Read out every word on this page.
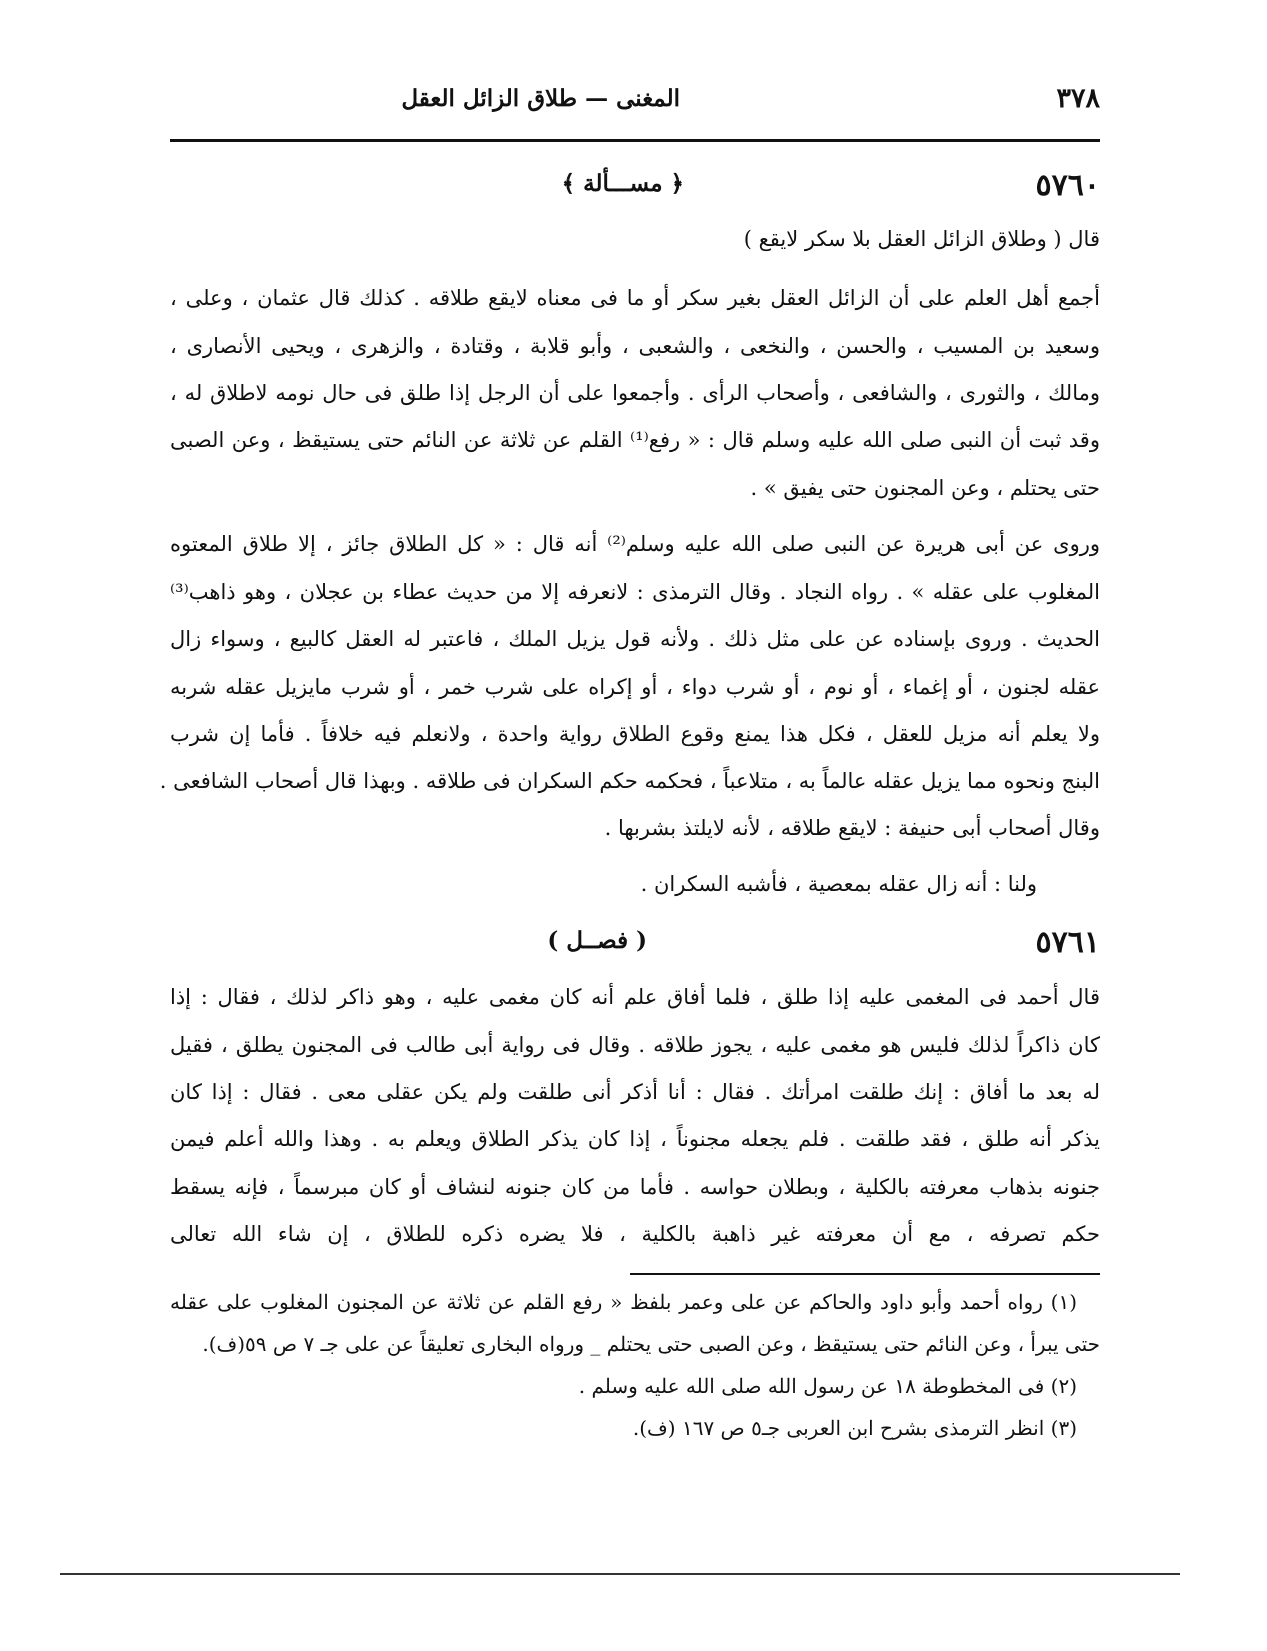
المغنى — طلاق الزائل العقل	٣٧٨
٥٧٦٠
﴿ مســـألة ﴾
قال ( وطلاق الزائل العقل بلا سكر لايقع )
أجمع أهل العلم على أن الزائل العقل بغير سكر أو ما فى معناه لايقع طلاقه . كذلك قال عثمان ، وعلى ،
وسعيد بن المسيب ، والحسن ، والنخعى ، والشعبى ، وأبو قلابة ، وقتادة ، والزهرى ، ويحيى الأنصارى ،
ومالك ، والثورى ، والشافعى ، وأصحاب الرأى . وأجمعوا على أن الرجل إذا طلق فى حال نومه لاطلاق له ،
وقد ثبت أن النبى صلى الله عليه وسلم قال : « رفع⁽¹⁾ القلم عن ثلاثة عن النائم حتى يستيقظ ، وعن الصبى
حتى يحتلم ، وعن المجنون حتى يفيق » .
وروى عن أبى هريرة عن النبى صلى الله عليه وسلم⁽²⁾ أنه قال : « كل الطلاق جائز ، إلا طلاق المعتوه
المغلوب على عقله » . رواه النجاد . وقال الترمذى : لانعرفه إلا من حديث عطاء بن عجلان ، وهو ذاهب⁽³⁾
الحديث . وروى بإسناده عن على مثل ذلك . ولأنه قول يزيل الملك ، فاعتبر له العقل كالبيع ، وسواء زال
عقله لجنون ، أو إغماء ، أو نوم ، أو شرب دواء ، أو إكراه على شرب خمر ، أو شرب مايزيل عقله شربه
ولا يعلم أنه مزيل للعقل ، فكل هذا يمنع وقوع الطلاق رواية واحدة ، ولانعلم فيه خلافاً . فأما إن شرب
البنج ونحوه مما يزيل عقله عالماً به ، متلاعباً ، فحكمه حكم السكران فى طلاقه . وبهذا قال أصحاب الشافعى .
وقال أصحاب أبى حنيفة : لايقع طلاقه ، لأنه لايلتذ بشربها .
ولنا : أنه زال عقله بمعصية ، فأشبه السكران .
٥٧٦١
( فصــل )
قال أحمد فى المغمى عليه إذا طلق ، فلما أفاق علم أنه كان مغمى عليه ، وهو ذاكر لذلك ، فقال : إذا
كان ذاكراً لذلك فليس هو مغمى عليه ، يجوز طلاقه . وقال فى رواية أبى طالب فى المجنون يطلق ، فقيل
له بعد ما أفاق : إنك طلقت امرأتك . فقال : أنا أذكر أنى طلقت ولم يكن عقلى معى . فقال : إذا كان
يذكر أنه طلق ، فقد طلقت . فلم يجعله مجنوناً ، إذا كان يذكر الطلاق ويعلم به . وهذا والله أعلم فيمن
جنونه بذهاب معرفته بالكلية ، وبطلان حواسه . فأما من كان جنونه لنشاف أو كان مبرسماً ، فإنه يسقط
حكم تصرفه ، مع أن معرفته غير ذاهبة بالكلية ، فلا يضره ذكره للطلاق ، إن شاء الله تعالى
(١) رواه أحمد وأبو داود والحاكم عن على وعمر بلفظ « رفع القلم عن ثلاثة عن المجنون المغلوب على عقله
حتى يبرأ ، وعن النائم حتى يستيقظ ، وعن الصبى حتى يحتلم _ ورواه البخارى تعليقاً عن على جـ ٧ ص ٥٩(ف).
(٢) فى المخطوطة ١٨ عن رسول الله صلى الله عليه وسلم .
(٣) انظر الترمذى بشرح ابن العربى جـ٥ ص ١٦٧ (ف).
